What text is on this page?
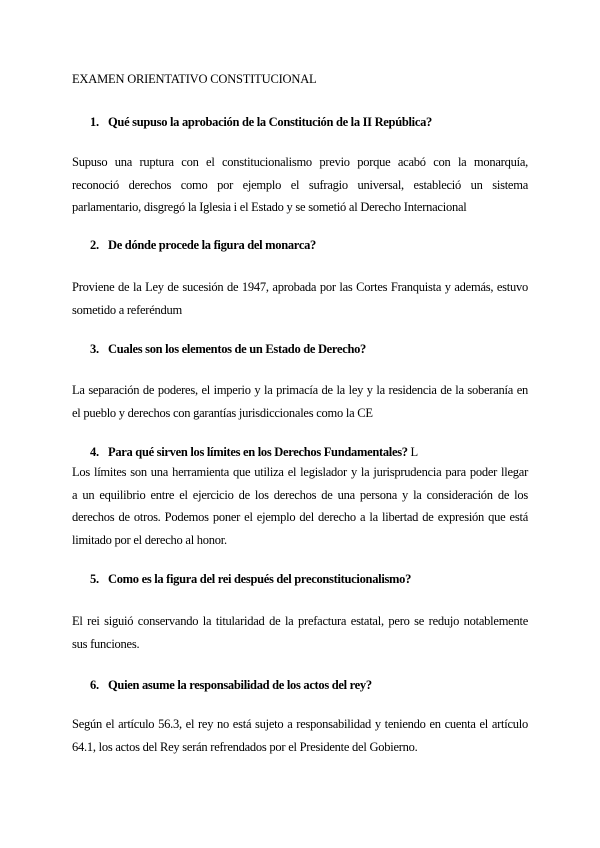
EXAMEN ORIENTATIVO CONSTITUCIONAL
1. Qué supuso la aprobación de la Constitución de la II República?
Supuso una ruptura con el constitucionalismo previo porque acabó con la monarquía,
reconoció derechos como por ejemplo el sufragio universal, estableció un sistema
parlamentario, disgregó la Iglesia i el Estado y se sometió al Derecho Internacional
2. De dónde procede la figura del monarca?
Proviene de la Ley de sucesión de 1947, aprobada por las Cortes Franquista y además, estuvo
sometido a referéndum
3. Cuales son los elementos de un Estado de Derecho?
La separación de poderes, el imperio y la primacía de la ley y la residencia de la soberanía en
el pueblo y derechos con garantías jurisdiccionales como la CE
4. Para qué sirven los límites en los Derechos Fundamentales? L
Los límites son una herramienta que utiliza el legislador y la jurisprudencia para poder llegar
a un equilibrio entre el ejercicio de los derechos de una persona y la consideración de los
derechos de otros. Podemos poner el ejemplo del derecho a la libertad de expresión que está
limitado por el derecho al honor.
5. Como es la figura del rei después del preconstitucionalismo?
El rei siguió conservando la titularidad de la prefactura estatal, pero se redujo notablemente
sus funciones.
6. Quien asume la responsabilidad de los actos del rey?
Según el artículo 56.3, el rey no está sujeto a responsabilidad y teniendo en cuenta el artículo
64.1, los actos del Rey serán refrendados por el Presidente del Gobierno.
